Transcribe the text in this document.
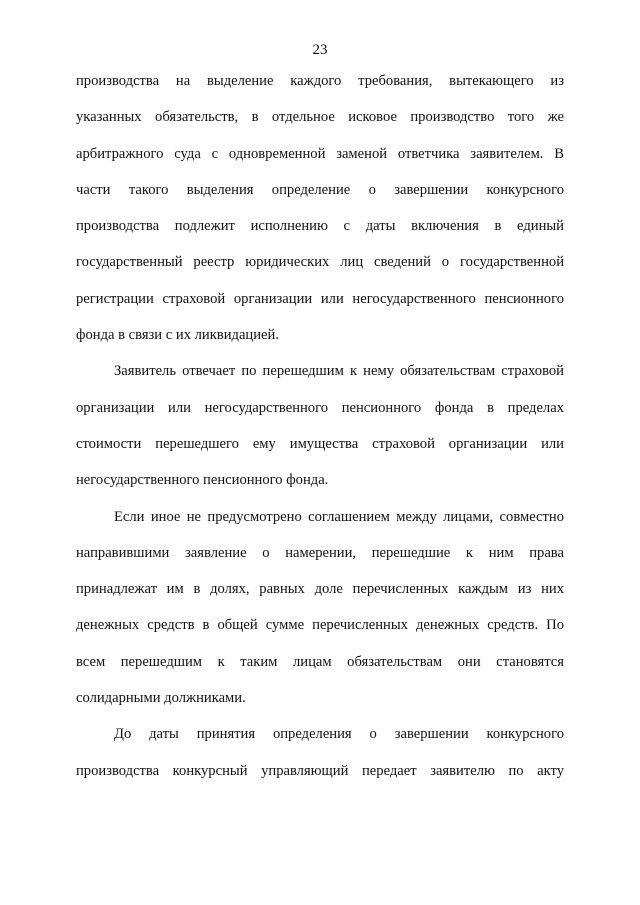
23
производства на выделение каждого требования, вытекающего из
указанных обязательств, в отдельное исковое производство того же
арбитражного суда с одновременной заменой ответчика заявителем. В
части такого выделения определение о завершении конкурсного
производства подлежит исполнению с даты включения в единый
государственный реестр юридических лиц сведений о государственной
регистрации страховой организации или негосударственного пенсионного
фонда в связи с их ликвидацией.
Заявитель отвечает по перешедшим к нему обязательствам страховой
организации или негосударственного пенсионного фонда в пределах
стоимости перешедшего ему имущества страховой организации или
негосударственного пенсионного фонда.
Если иное не предусмотрено соглашением между лицами, совместно
направившими заявление о намерении, перешедшие к ним права
принадлежат им в долях, равных доле перечисленных каждым из них
денежных средств в общей сумме перечисленных денежных средств. По
всем перешедшим к таким лицам обязательствам они становятся
солидарными должниками.
До даты принятия определения о завершении конкурсного
производства конкурсный управляющий передает заявителю по акту
